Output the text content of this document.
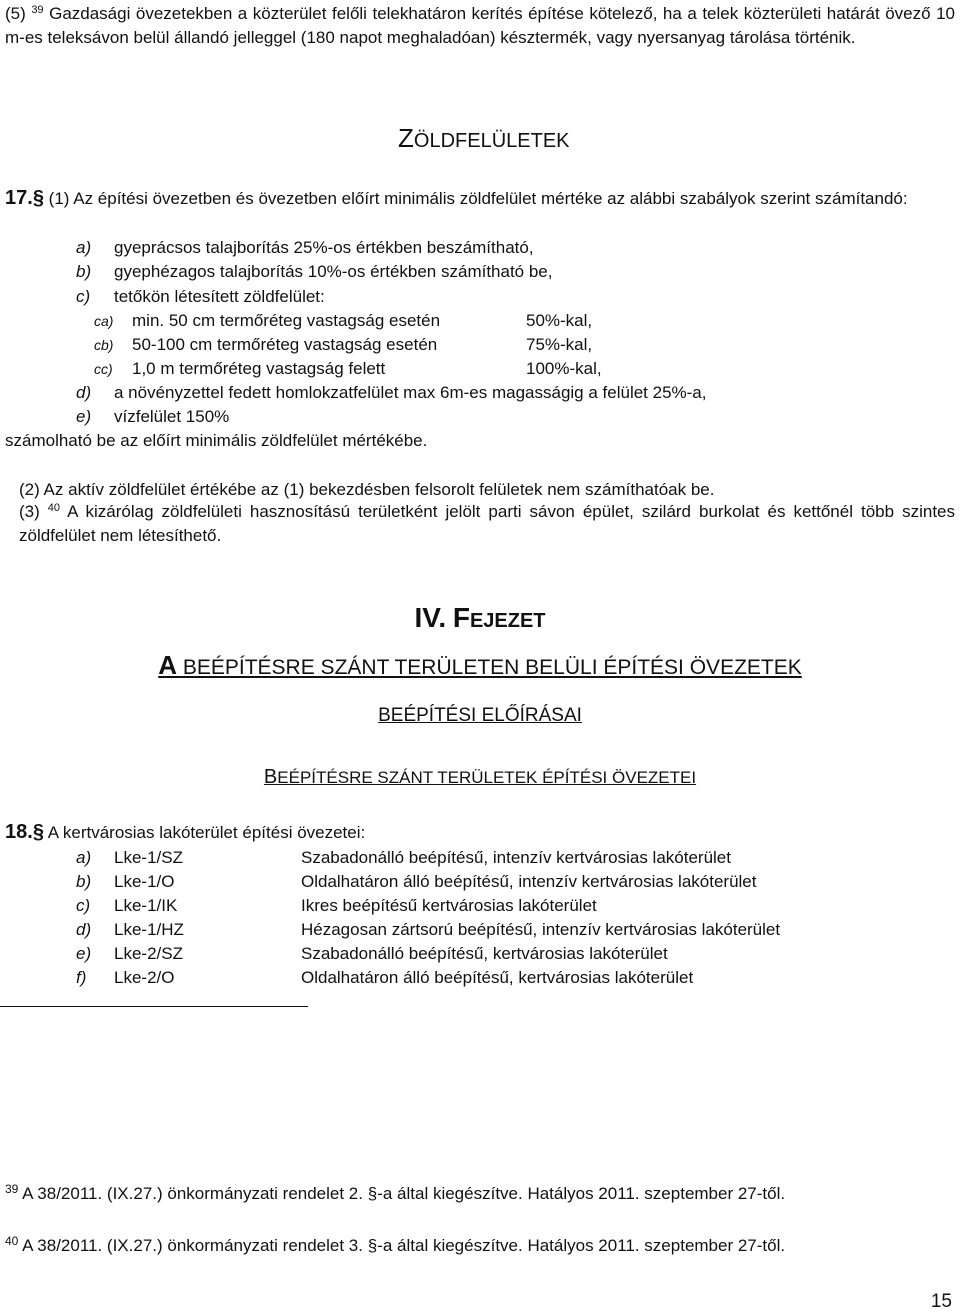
(5) $^{39}$ Gazdasági övezetekben a közterület felőli telekhatáron kerítés építése kötelező, ha a telek közterületi határát övező 10 m-es teleksávon belül állandó jelleggel (180 napot meghaladóan) késztermék, vagy nyersanyag tárolása történik.
ZÖLDFELÜLETEK
17.§ (1) Az építési övezetben és övezetben előírt minimális zöldfelület mértéke az alábbi szabályok szerint számítandó:
a) gyeprácsos talajborítás 25%-os értékben beszámítható,
b) gyephézagos talajborítás 10%-os értékben számítható be,
c) tetőkön létesített zöldfelület:
ca) min. 50 cm termőréteg vastagság esetén	50%-kal,
cb) 50-100 cm termőréteg vastagság esetén	75%-kal,
cc) 1,0 m termőréteg vastagság felett	100%-kal,
d) a növényzettel fedett homlokzatfelület max 6m-es magasságig a felület 25%-a,
e) vízfelület 150%
számolható be az előírt minimális zöldfelület mértékébe.
(2) Az aktív zöldfelület értékébe az (1) bekezdésben felsorolt felületek nem számíthatóak be.
(3) $^{40}$ A kizárólag zöldfelületi hasznosítású területként jelölt parti sávon épület, szilárd burkolat és kettőnél több szintes zöldfelület nem létesíthető.
IV. FEJEZET
A BEÉPÍTÉSRE SZÁNT TERÜLETEN BELÜLI ÉPÍTÉSI ÖVEZETEK
BEÉPÍTÉSI ELŐÍRÁSAI
BEÉPÍTÉSRE SZÁNT TERÜLETEK ÉPÍTÉSI ÖVEZETEI
18.§ A kertvárosias lakóterület építési övezetei:
a) Lke-1/SZ	Szabadonálló beépítésű, intenzív kertvárosias lakóterület
b) Lke-1/O	Oldalhatáron álló beépítésű, intenzív kertvárosias lakóterület
c) Lke-1/IK	Ikres beépítésű kertvárosias lakóterület
d) Lke-1/HZ	Hézagosan zártsorú beépítésű, intenzív kertvárosias lakóterület
e) Lke-2/SZ	Szabadonálló beépítésű, kertvárosias lakóterület
f) Lke-2/O	Oldalhatáron álló beépítésű, kertvárosias lakóterület
$^{39}$ A 38/2011. (IX.27.) önkormányzati rendelet 2. §-a által kiegészítve. Hatályos 2011. szeptember 27-től.
$^{40}$ A 38/2011. (IX.27.) önkormányzati rendelet 3. §-a által kiegészítve. Hatályos 2011. szeptember 27-től.
15
